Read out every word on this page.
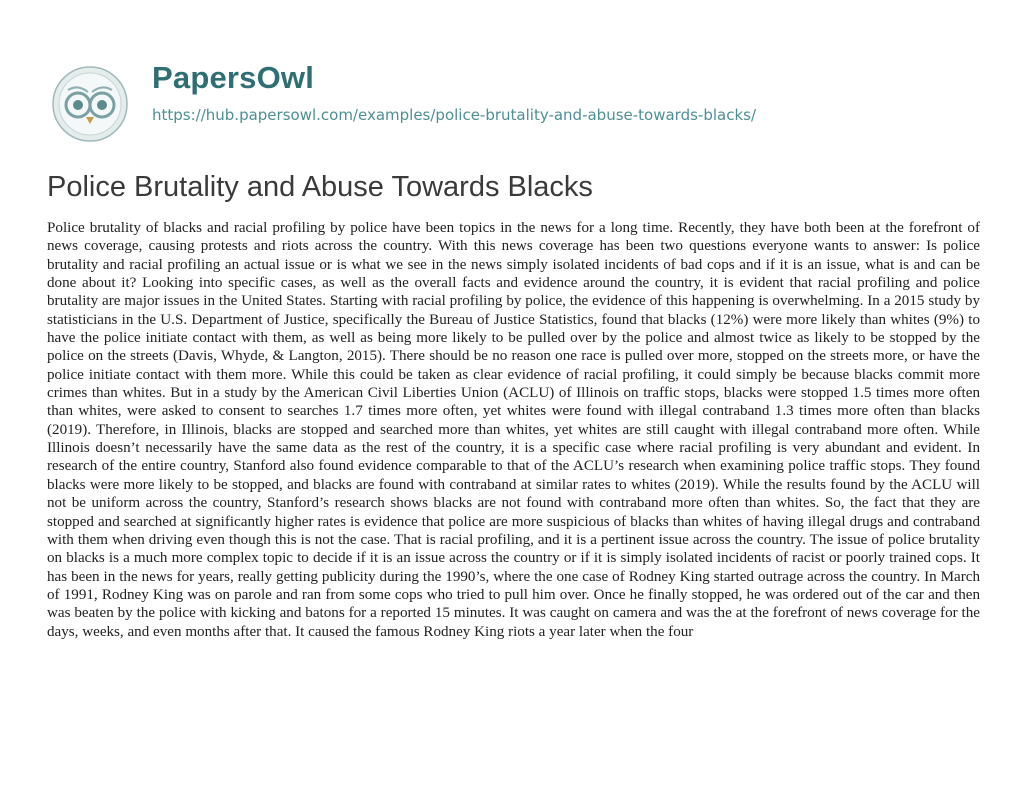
PapersOwl
https://hub.papersowl.com/examples/police-brutality-and-abuse-towards-blacks/
Police Brutality and Abuse Towards Blacks

Police brutality of blacks and racial profiling by police have been topics in the news for a long time. Recently, they have both been at the forefront of news coverage, causing protests and riots across the country. With this news coverage has been two questions everyone wants to answer: Is police brutality and racial profiling an actual issue or is what we see in the news simply isolated incidents of bad cops and if it is an issue, what is and can be done about it? Looking into specific cases, as well as the overall facts and evidence around the country, it is evident that racial profiling and police brutality are major issues in the United States. Starting with racial profiling by police, the evidence of this happening is overwhelming. In a 2015 study by statisticians in the U.S. Department of Justice, specifically the Bureau of Justice Statistics, found that blacks (12%) were more likely than whites (9%) to have the police initiate contact with them, as well as being more likely to be pulled over by the police and almost twice as likely to be stopped by the police on the streets (Davis, Whyde, & Langton, 2015). There should be no reason one race is pulled over more, stopped on the streets more, or have the police initiate contact with them more. While this could be taken as clear evidence of racial profiling, it could simply be because blacks commit more crimes than whites. But in a study by the American Civil Liberties Union (ACLU) of Illinois on traffic stops, blacks were stopped 1.5 times more often than whites, were asked to consent to searches 1.7 times more often, yet whites were found with illegal contraband 1.3 times more often than blacks (2019). Therefore, in Illinois, blacks are stopped and searched more than whites, yet whites are still caught with illegal contraband more often. While Illinois doesn’t necessarily have the same data as the rest of the country, it is a specific case where racial profiling is very abundant and evident. In research of the entire country, Stanford also found evidence comparable to that of the ACLU’s research when examining police traffic stops. They found blacks were more likely to be stopped, and blacks are found with contraband at similar rates to whites (2019). While the results found by the ACLU will not be uniform across the country, Stanford’s research shows blacks are not found with contraband more often than whites. So, the fact that they are stopped and searched at significantly higher rates is evidence that police are more suspicious of blacks than whites of having illegal drugs and contraband with them when driving even though this is not the case. That is racial profiling, and it is a pertinent issue across the country. The issue of police brutality on blacks is a much more complex topic to decide if it is an issue across the country or if it is simply isolated incidents of racist or poorly trained cops. It has been in the news for years, really getting publicity during the 1990’s, where the one case of Rodney King started outrage across the country. In March of 1991, Rodney King was on parole and ran from some cops who tried to pull him over. Once he finally stopped, he was ordered out of the car and then was beaten by the police with kicking and batons for a reported 15 minutes. It was caught on camera and was the at the forefront of news coverage for the days, weeks, and even months after that. It caused the famous Rodney King riots a year later when the four
